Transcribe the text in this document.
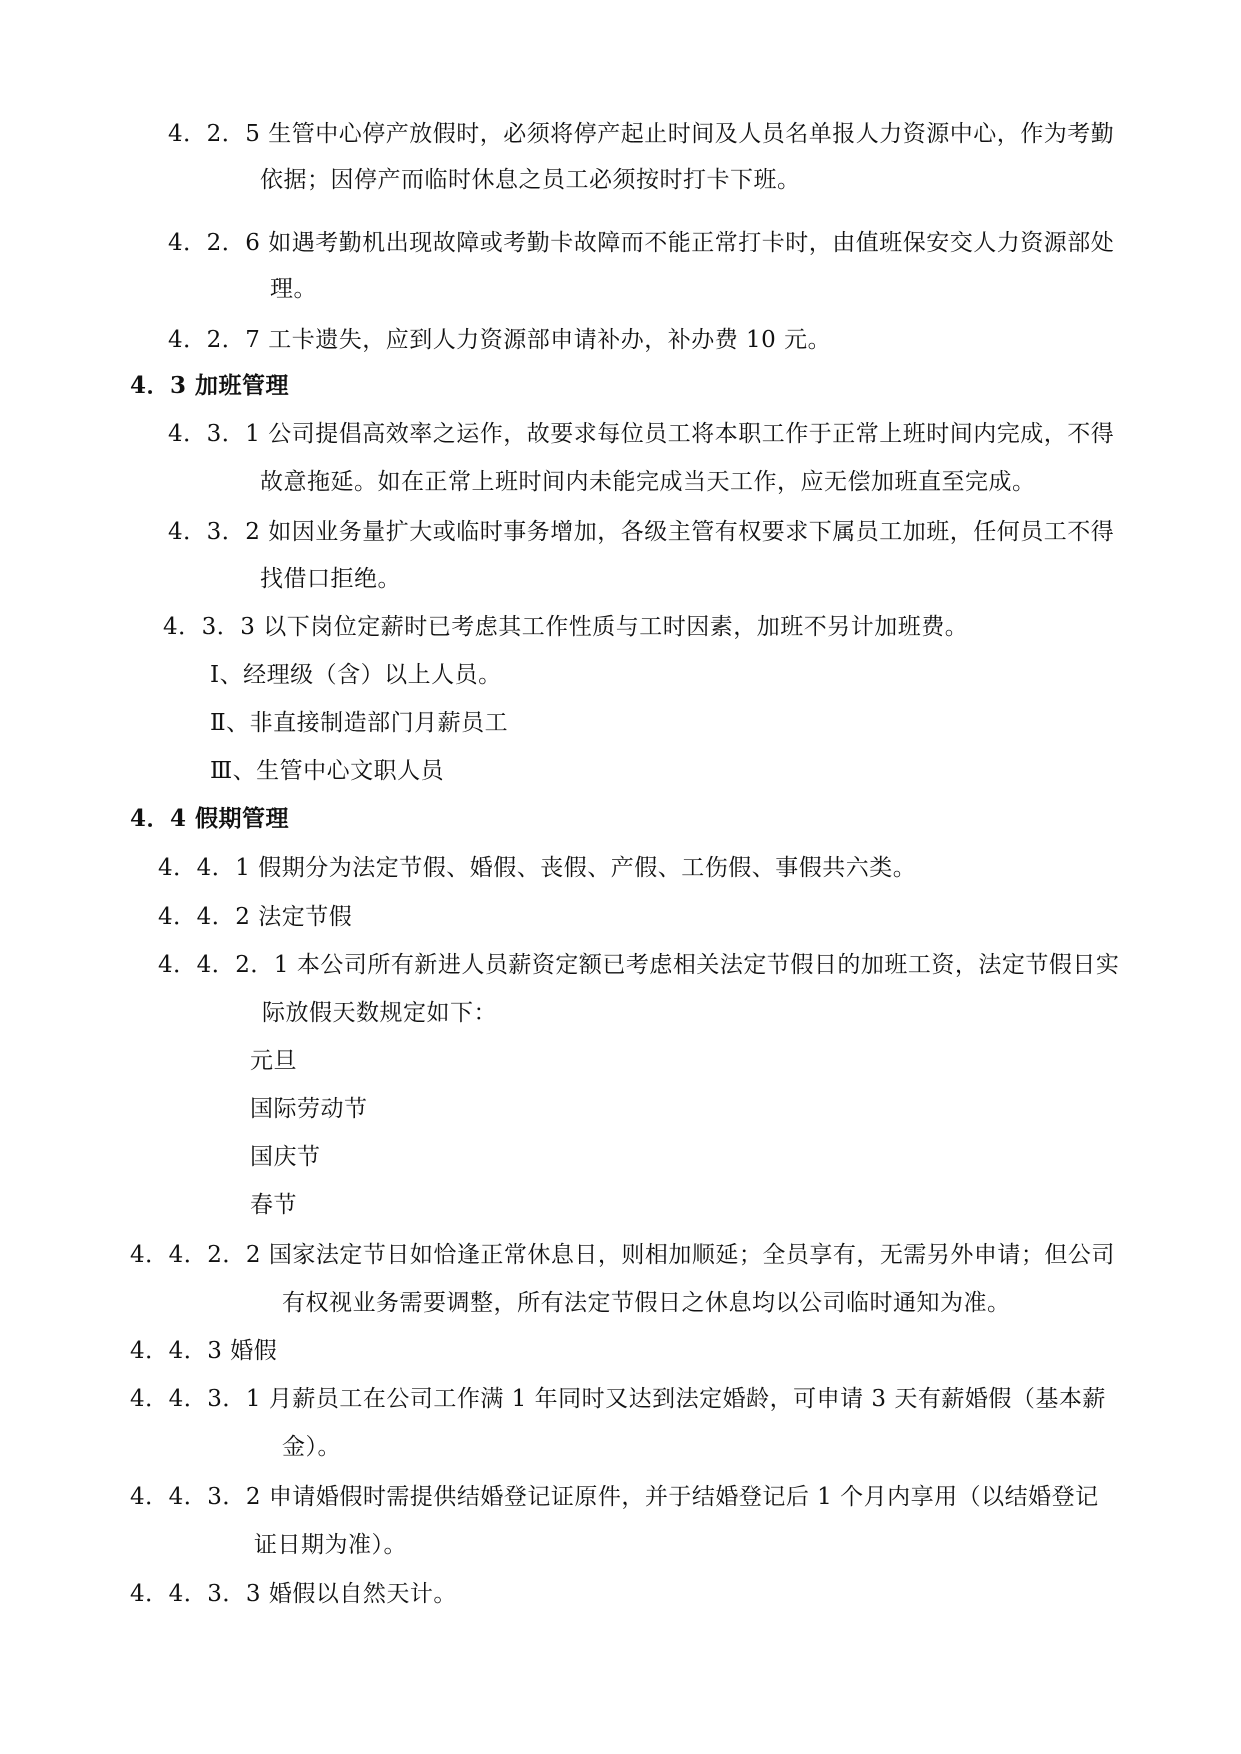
4．2．5 生管中心停产放假时，必须将停产起止时间及人员名单报人力资源中心，作为考勤
依据；因停产而临时休息之员工必须按时打卡下班。
4．2．6 如遇考勤机出现故障或考勤卡故障而不能正常打卡时，由值班保安交人力资源部处
理。
4．2．7 工卡遗失，应到人力资源部申请补办，补办费 10 元。
4．3 加班管理
4．3．1 公司提倡高效率之运作，故要求每位员工将本职工作于正常上班时间内完成，不得
故意拖延。如在正常上班时间内未能完成当天工作，应无偿加班直至完成。
4．3．2 如因业务量扩大或临时事务增加，各级主管有权要求下属员工加班，任何员工不得
找借口拒绝。
4．3．3 以下岗位定薪时已考虑其工作性质与工时因素，加班不另计加班费。
Ⅰ、经理级（含）以上人员。
Ⅱ、非直接制造部门月薪员工
Ⅲ、生管中心文职人员
4．4 假期管理
4．4．1 假期分为法定节假、婚假、丧假、产假、工伤假、事假共六类。
4．4．2 法定节假
4．4．2．1 本公司所有新进人员薪资定额已考虑相关法定节假日的加班工资，法定节假日实
际放假天数规定如下：
元旦
国际劳动节
国庆节
春节
4．4．2．2 国家法定节日如恰逢正常休息日，则相加顺延；全员享有，无需另外申请；但公司
有权视业务需要调整，所有法定节假日之休息均以公司临时通知为准。
4．4．3 婚假
4．4．3．1 月薪员工在公司工作满 1 年同时又达到法定婚龄，可申请 3 天有薪婚假（基本薪
金）。
4．4．3．2 申请婚假时需提供结婚登记证原件，并于结婚登记后 1 个月内享用（以结婚登记
证日期为准）。
4．4．3．3 婚假以自然天计。
